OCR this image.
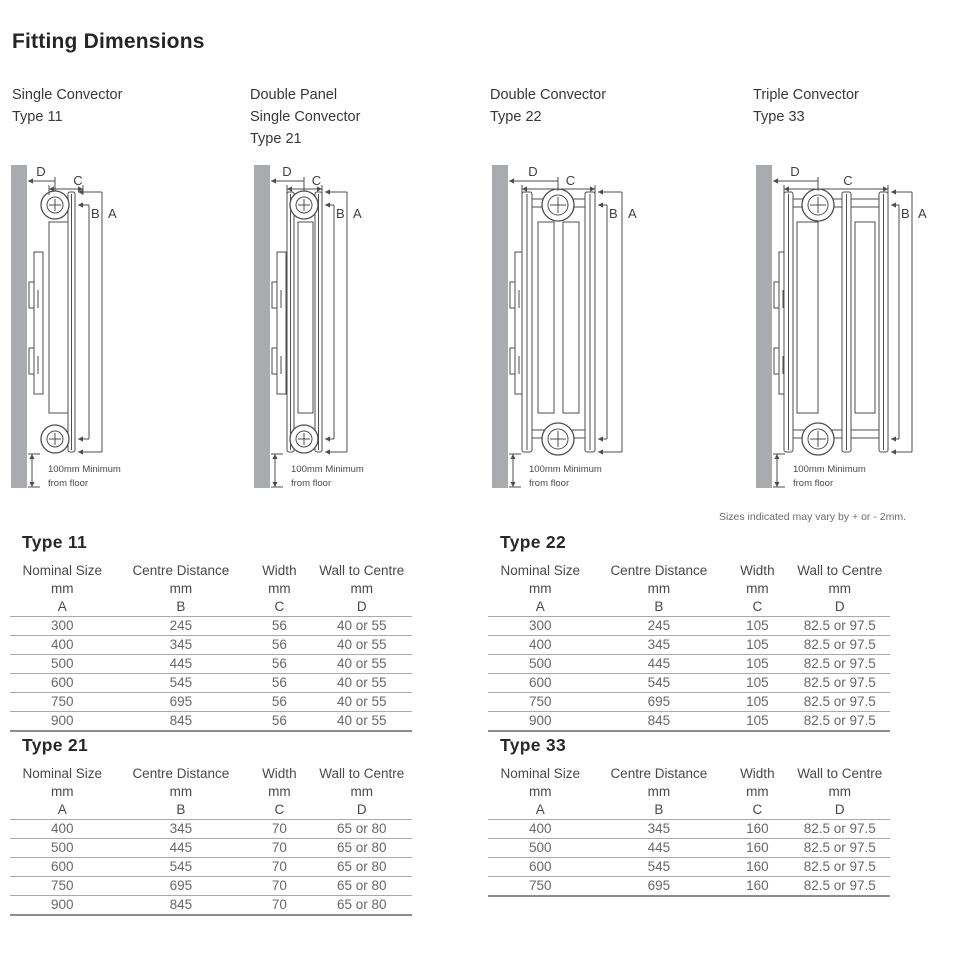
Fitting Dimensions
Single Convector
Type 11
Double Panel
Single Convector
Type 21
Double Convector
Type 22
Triple Convector
Type 33
D
C
B A
100mm Minimum
from floor
D
C
B A
100mm Minimum
from floor
D
C
B A
100mm Minimum
from floor
D
C
B A
100mm Minimum
from floor
Sizes indicated may vary by + or - 2mm.
Type 11
Nominal Size	Centre Distance	Width	Wall to Centre
mm	mm	mm	mm
A	B	C	D
300	245	56	40 or 55
400	345	56	40 or 55
500	445	56	40 or 55
600	545	56	40 or 55
750	695	56	40 or 55
900	845	56	40 or 55
Type 22
Nominal Size	Centre Distance	Width	Wall to Centre
mm	mm	mm	mm
A	B	C	D
300	245	105	82.5 or 97.5
400	345	105	82.5 or 97.5
500	445	105	82.5 or 97.5
600	545	105	82.5 or 97.5
750	695	105	82.5 or 97.5
900	845	105	82.5 or 97.5
Type 21
Nominal Size	Centre Distance	Width	Wall to Centre
mm	mm	mm	mm
A	B	C	D
400	345	70	65 or 80
500	445	70	65 or 80
600	545	70	65 or 80
750	695	70	65 or 80
900	845	70	65 or 80
Type 33
Nominal Size	Centre Distance	Width	Wall to Centre
mm	mm	mm	mm
A	B	C	D
400	345	160	82.5 or 97.5
500	445	160	82.5 or 97.5
600	545	160	82.5 or 97.5
750	695	160	82.5 or 97.5
